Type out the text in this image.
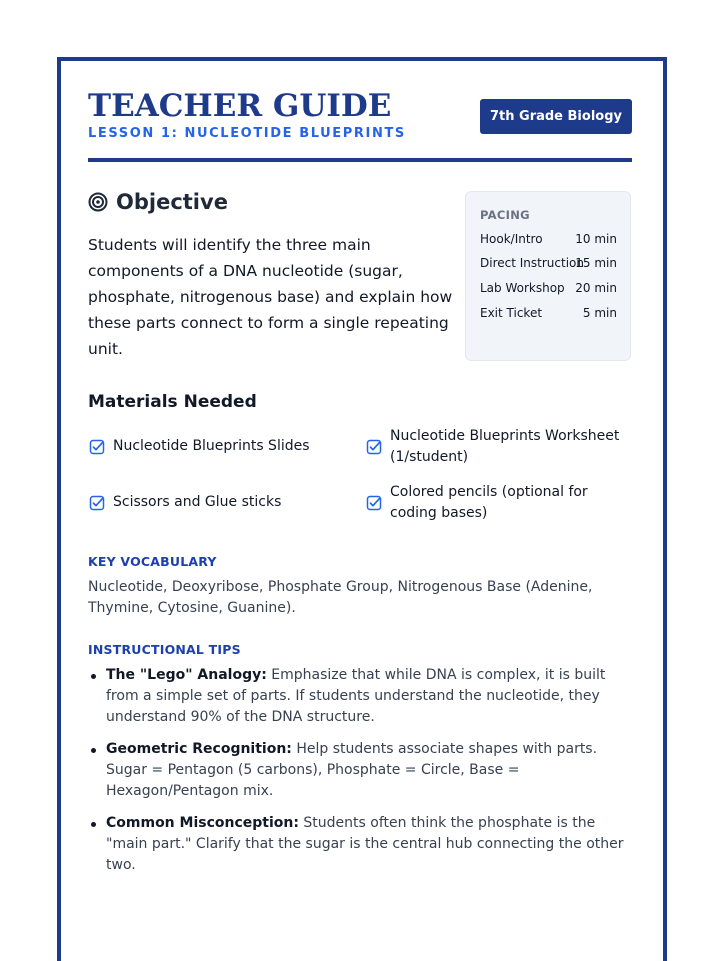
TEACHER GUIDE
LESSON 1: NUCLEOTIDE BLUEPRINTS
7th Grade Biology
Objective

Students will identify the three main components of a DNA nucleotide (sugar, phosphate, nitrogenous base) and explain how these parts connect to form a single repeating unit.

PACING
Hook/Intro	10 min
Direct Instruction
15 min
Lab Workshop 20 min
Exit Ticket	5 min
Materials Needed
Nucleotide Blueprints Slides
Nucleotide Blueprints Worksheet (1/student)
Scissors and Glue sticks
Colored pencils (optional for coding bases)
KEY VOCABULARY

Nucleotide, Deoxyribose, Phosphate Group, Nitrogenous Base (Adenine, Thymine, Cytosine, Guanine).

INSTRUCTIONAL TIPS
The "Lego" Analogy: Emphasize that while DNA is complex, it is built from a simple set of parts. If students understand the nucleotide, they understand 90% of the DNA structure.
Geometric Recognition: Help students associate shapes with parts. Sugar = Pentagon (5 carbons), Phosphate = Circle, Base = Hexagon/Pentagon mix.
Common Misconception: Students often think the phosphate is the "main part." Clarify that the sugar is the central hub connecting the other two.
